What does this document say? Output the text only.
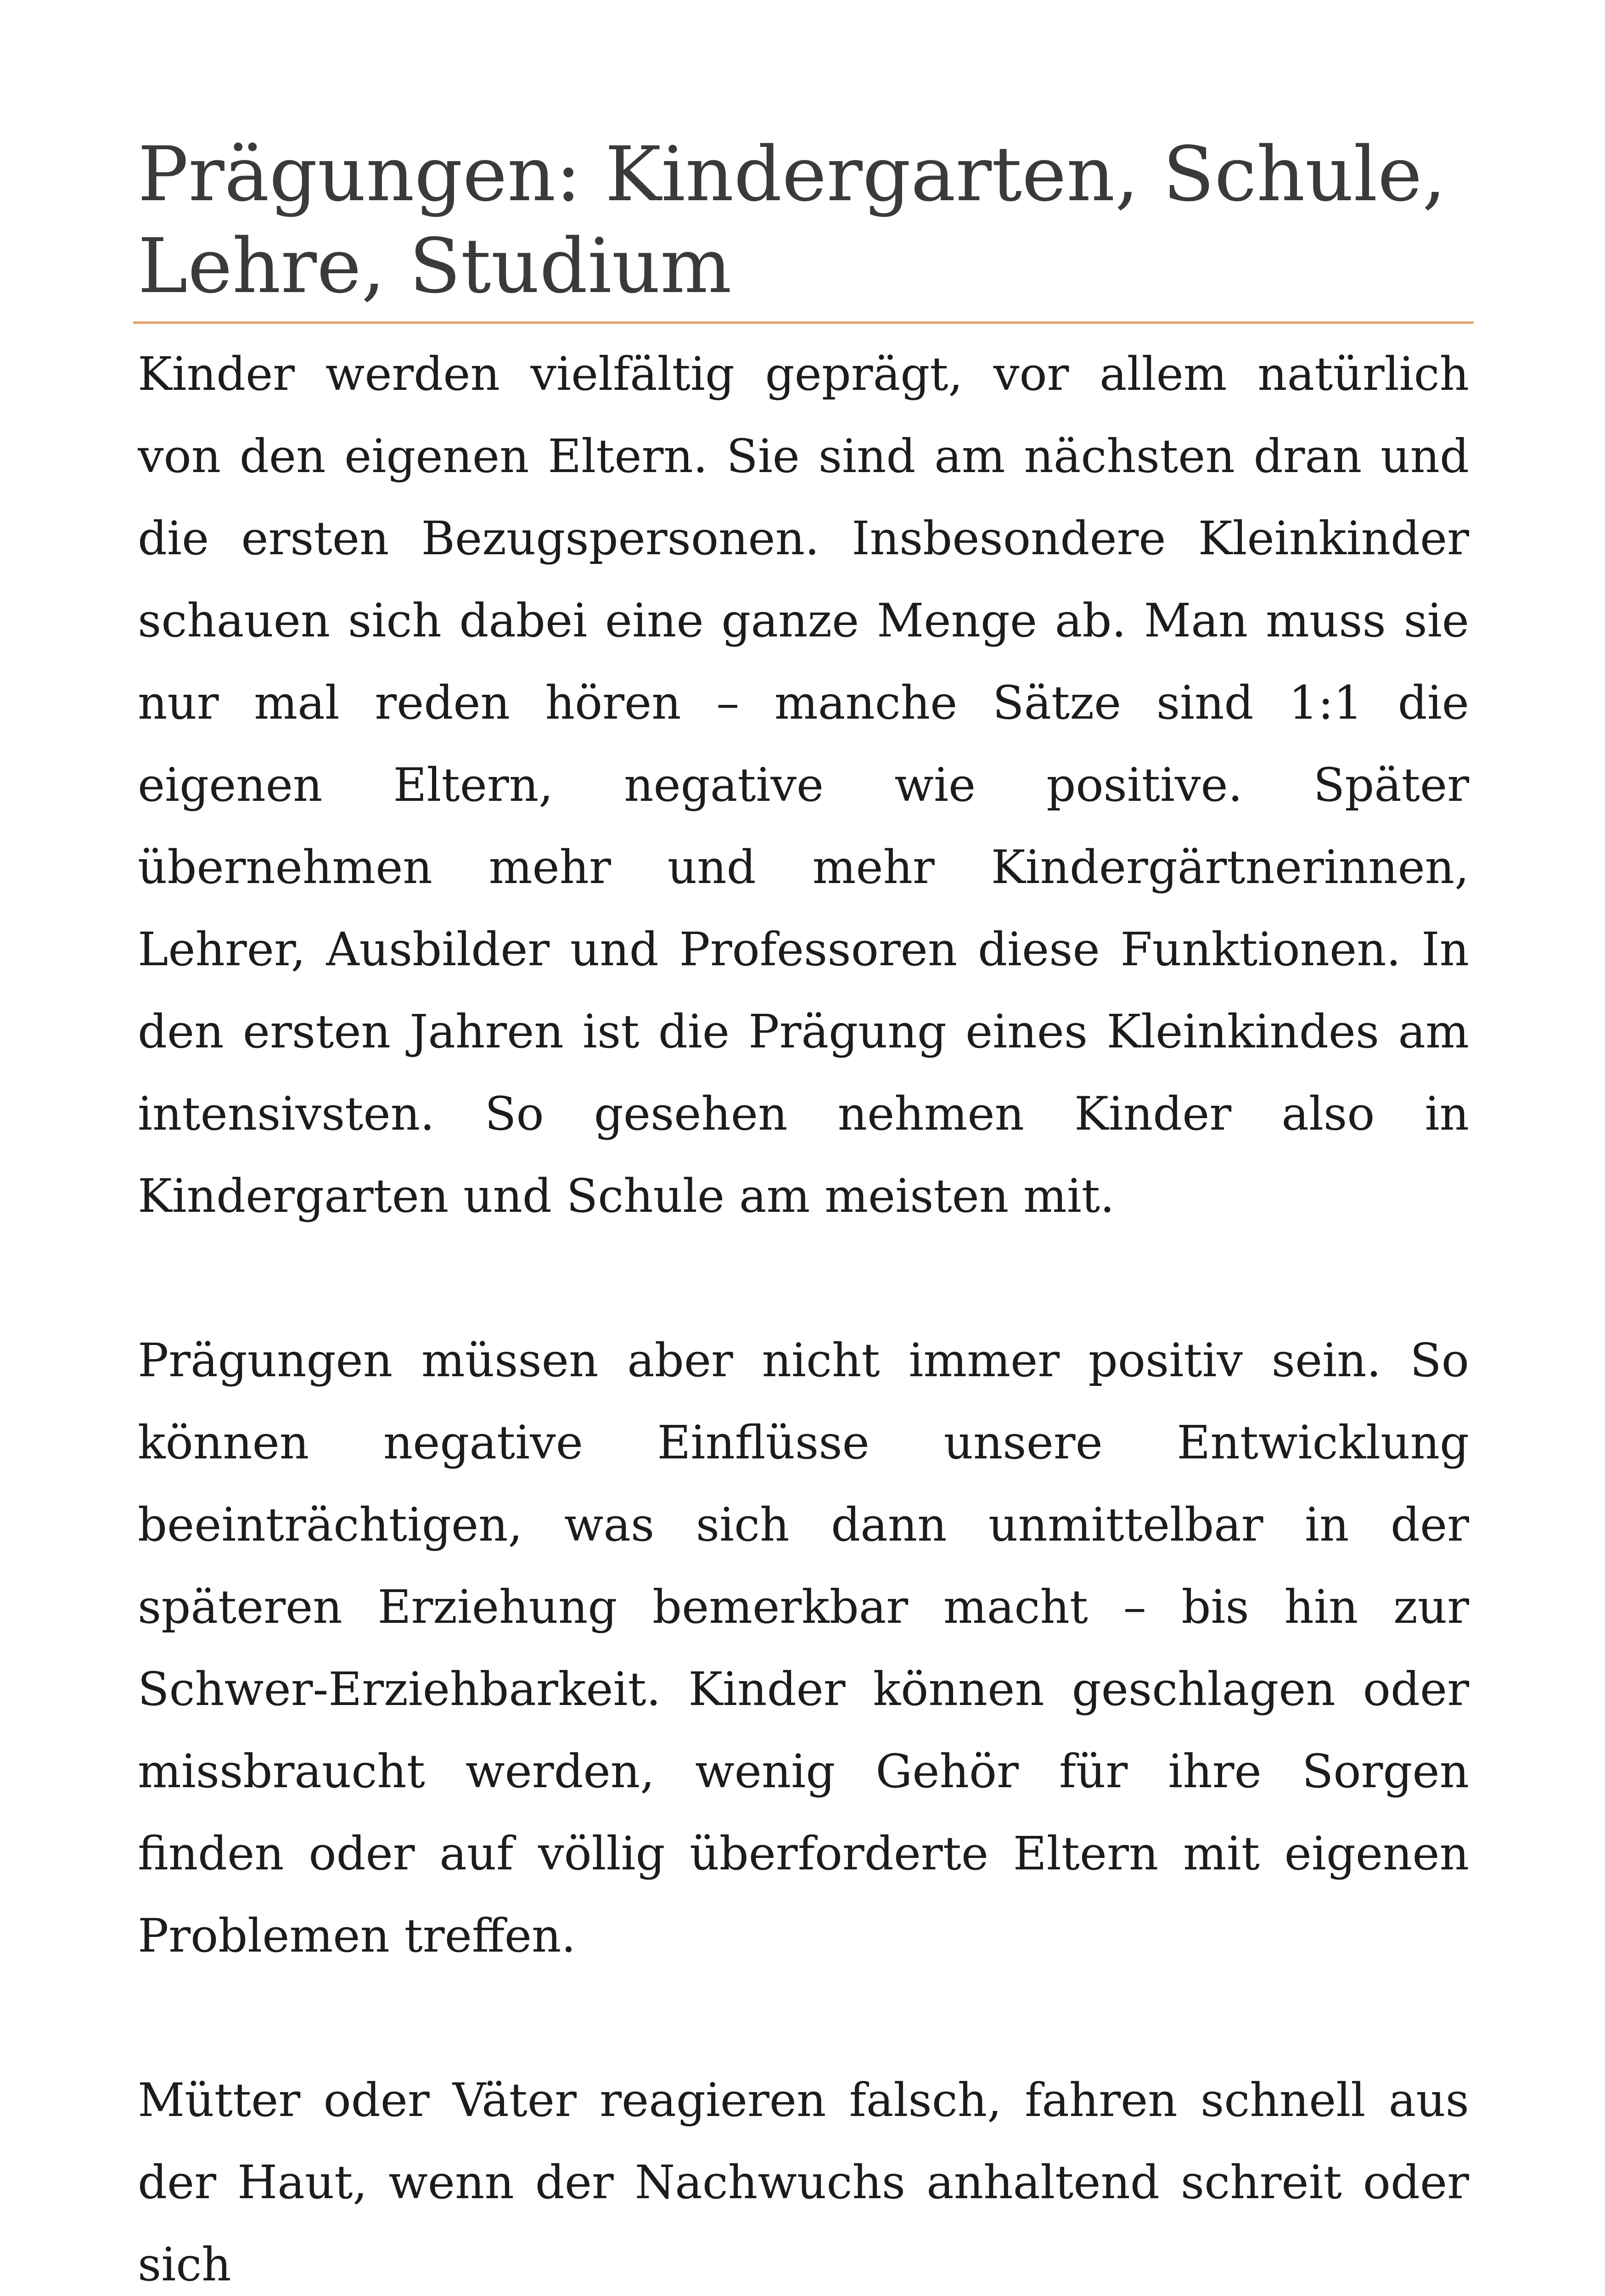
Prägungen: Kindergarten, Schule, Lehre, Studium

Kinder werden vielfältig geprägt, vor allem natürlich von den eigenen Eltern. Sie sind am nächsten dran und die ersten Bezugspersonen. Insbesondere Kleinkinder schauen sich dabei eine ganze Menge ab. Man muss sie nur mal reden hören – manche Sätze sind 1:1 die eigenen Eltern, negative wie positive. Später übernehmen mehr und mehr Kindergärtnerinnen, Lehrer, Ausbilder und Professoren diese Funktionen. In den ersten Jahren ist die Prägung eines Kleinkindes am intensivsten. So gesehen nehmen Kinder also in Kindergarten und Schule am meisten mit.

Prägungen müssen aber nicht immer positiv sein. So können negative Einflüsse unsere Entwicklung beeinträchtigen, was sich dann unmittelbar in der späteren Erziehung bemerkbar macht – bis hin zur Schwer-Erziehbarkeit. Kinder können geschlagen oder missbraucht werden, wenig Gehör für ihre Sorgen finden oder auf völlig überforderte Eltern mit eigenen Problemen treffen.

Mütter oder Väter reagieren falsch, fahren schnell aus der Haut, wenn der Nachwuchs anhaltend schreit oder sich
